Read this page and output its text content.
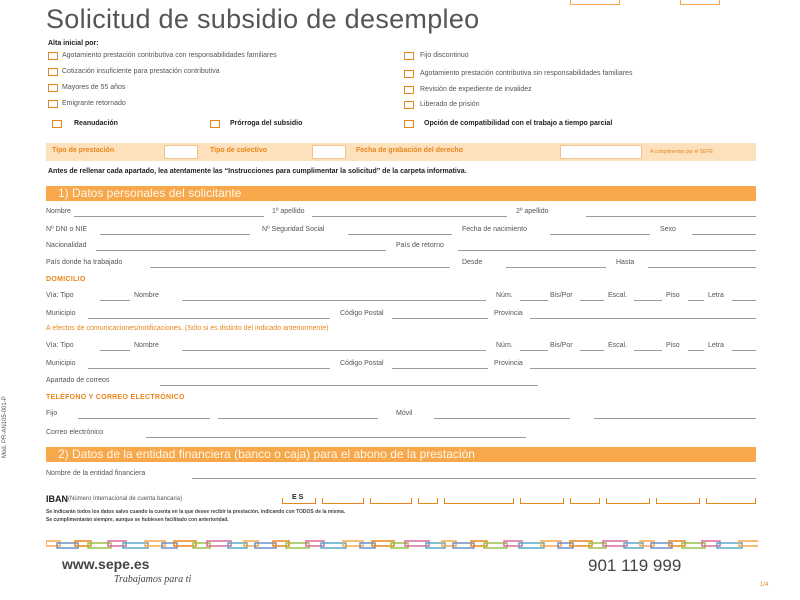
Solicitud de subsidio de desempleo
Alta inicial por:
Agotamiento prestación contributiva con responsabilidades familiares
Cotización insuficiente para prestación contributiva
Mayores de 55 años
Emigrante retornado
Fijo discontinuo
Agotamiento prestación contributiva sin responsabilidades familiares
Revisión de expediente de invalidez
Liberado de prisión
Reanudación	Prórroga del subsidio	Opción de compatibilidad con el trabajo a tiempo parcial
Tipo de prestación	Tipo de colectivo	Fecha de grabación del derecho	A cumplimentar por el SEPE
Antes de rellenar cada apartado, lea atentamente las “Instrucciones para cumplimentar la solicitud” de la carpeta informativa.
1) Datos personales del solicitante
Nombre	1º apellido	2º apellido
Nº DNI o NIE	Nº Seguridad Social	Fecha de nacimiento	Sexo
Nacionalidad	País de retorno
País donde ha trabajado	Desde	Hasta
DOMICILIO
Vía: Tipo	Nombre	Núm.	Bis/Por	Escal.	Piso	Letra
Municipio	Código Postal	Provincia
A efectos de comunicaciones/notificaciones. (Sólo si es distinto del indicado anteriormente)
Vía: Tipo	Nombre	Núm.	Bis/Por	Escal.	Piso	Letra
Municipio	Código Postal	Provincia
Apartado de correos
TELÉFONO Y CORREO ELECTRÓNICO
Fijo	Móvil
Correo electrónico
2) Datos de la entidad financiera (banco o caja) para el abono de la prestación
Nombre de la entidad financiera
IBAN (Número Internacional de cuenta bancaria)	E S
Se indicarán todos los datos salvo cuando la cuenta en la que desee recibir la prestación, indicando con TODOS de la misma.
Se cumplimentarán siempre, aunque se hubiesen facilitado con anterioridad.
www.sepe.es
Trabajamos para ti
901 119 999
1/4
Mod. PR-AN105-001-P
